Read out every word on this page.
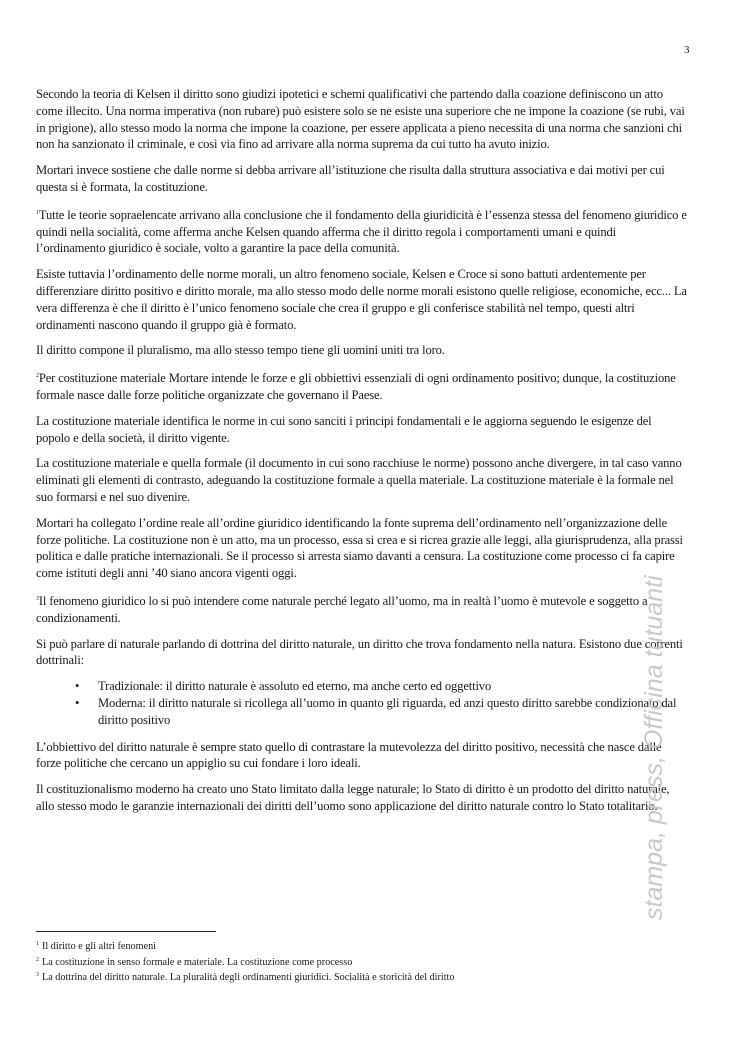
3

Secondo la teoria di Kelsen il diritto sono giudizi ipotetici e schemi qualificativi che partendo dalla coazione definiscono un atto come illecito. Una norma imperativa (non rubare) può esistere solo se ne esiste una superiore che ne impone la coazione (se rubi, vai in prigione), allo stesso modo la norma che impone la coazione, per essere applicata a pieno necessita di una norma che sanzioni chi non ha sanzionato il criminale, e così via fino ad arrivare alla norma suprema da cui tutto ha avuto inizio.

Mortari invece sostiene che dalle norme si debba arrivare all’istituzione che risulta dalla struttura associativa e dai motivi per cui questa si è formata, la costituzione.

$^1$Tutte le teorie sopraelencate arrivano alla conclusione che il fondamento della giuridicità è l’essenza stessa del fenomeno giuridico e quindi nella socialità, come afferma anche Kelsen quando afferma che il diritto regola i comportamenti umani e quindi l’ordinamento giuridico è sociale, volto a garantire la pace della comunità.

Esiste tuttavia l’ordinamento delle norme morali, un altro fenomeno sociale, Kelsen e Croce si sono battuti ardentemente per differenziare diritto positivo e diritto morale, ma allo stesso modo delle norme morali esistono quelle religiose, economiche, ecc... La vera differenza è che il diritto è l’unico fenomeno sociale che crea il gruppo e gli conferisce stabilità nel tempo, questi altri ordinamenti nascono quando il gruppo già è formato.

Il diritto compone il pluralismo, ma allo stesso tempo tiene gli uomini uniti tra loro.

$^2$Per costituzione materiale Mortare intende le forze e gli obbiettivi essenziali di ogni ordinamento positivo; dunque, la costituzione formale nasce dalle forze politiche organizzate che governano il Paese.

La costituzione materiale identifica le norme in cui sono sanciti i principi fondamentali e le aggiorna seguendo le esigenze del popolo e della società, il diritto vigente.

La costituzione materiale e quella formale (il documento in cui sono racchiuse le norme) possono anche divergere, in tal caso vanno eliminati gli elementi di contrasto, adeguando la costituzione formale a quella materiale. La costituzione materiale è la formale nel suo formarsi e nel suo divenire.

Mortari ha collegato l’ordine reale all’ordine giuridico identificando la fonte suprema dell’ordinamento nell’organizzazione delle forze politiche. La costituzione non è un atto, ma un processo, essa si crea e si ricrea grazie alle leggi, alla giurisprudenza, alla prassi politica e dalle pratiche internazionali. Se il processo si arresta siamo davanti a censura. La costituzione come processo ci fa capire come istituti degli anni ’40 siano ancora vigenti oggi.

$^3$Il fenomeno giuridico lo si può intendere come naturale perché legato all’uomo, ma in realtà l’uomo è mutevole e soggetto a condizionamenti.

Si può parlare di naturale parlando di dottrina del diritto naturale, un diritto che trova fondamento nella natura. Esistono due correnti dottrinali:

• Tradizionale: il diritto naturale è assoluto ed eterno, ma anche certo ed oggettivo
• Moderna: il diritto naturale si ricollega all’uomo in quanto gli riguarda, ed anzi questo diritto sarebbe condizionato dal diritto positivo

L’obbiettivo del diritto naturale è sempre stato quello di contrastare la mutevolezza del diritto positivo, necessità che nasce dalle forze politiche che cercano un appiglio su cui fondare i loro ideali.

Il costituzionalismo moderno ha creato uno Stato limitato dalla legge naturale; lo Stato di diritto è un prodotto del diritto naturale, allo stesso modo le garanzie internazionali dei diritti dell’uomo sono applicazione del diritto naturale contro lo Stato totalitario.

$^1$ Il diritto e gli altri fenomeni

$^2$ La costituzione in senso formale e materiale. La costituzione come processo

$^3$ La dottrina del diritto naturale. La pluralità degli ordinamenti giuridici. Socialità e storicità del diritto

stampa, press, Officina tutuanti
